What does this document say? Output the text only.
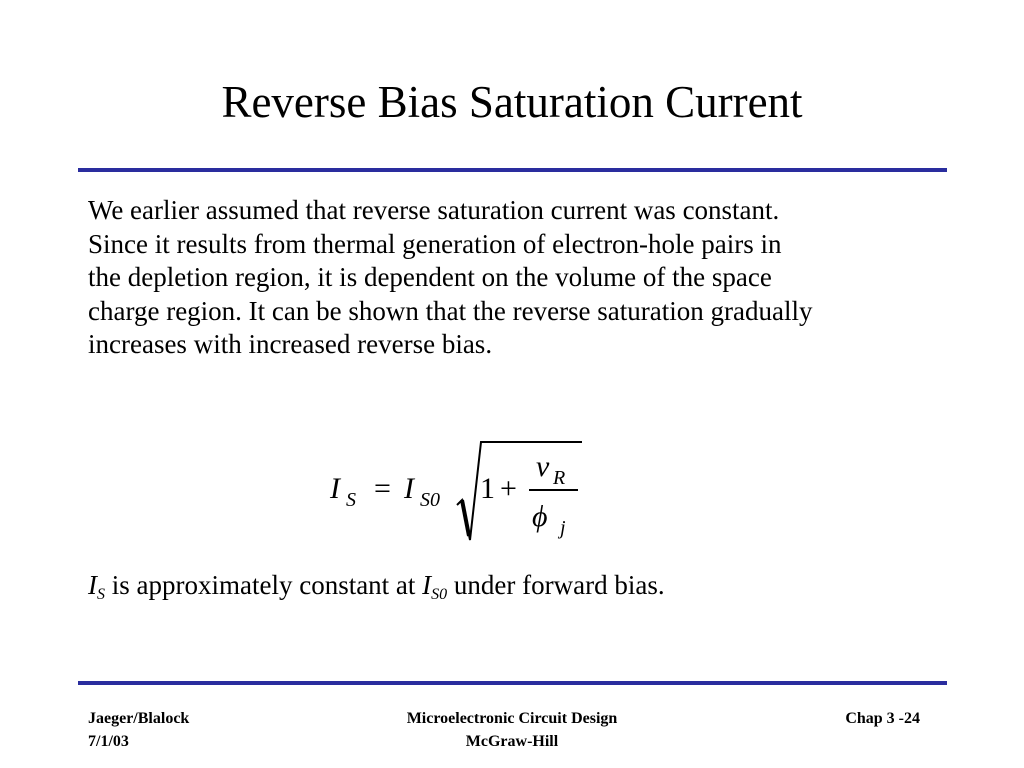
Reverse Bias Saturation Current
We earlier assumed that reverse saturation current was constant.
Since it results from thermal generation of electron-hole pairs in
the depletion region, it is dependent on the volume of the space
charge region. It can be shown that the reverse saturation gradually
increases with increased reverse bias.
I S = I S0 1 +
v R
ϕ j

$I_S$ is approximately constant at $I_{S0}$ under forward bias.

Jaeger/Blalock
7/1/03
Microelectronic Circuit Design
McGraw-Hill
Chap 3 -24
